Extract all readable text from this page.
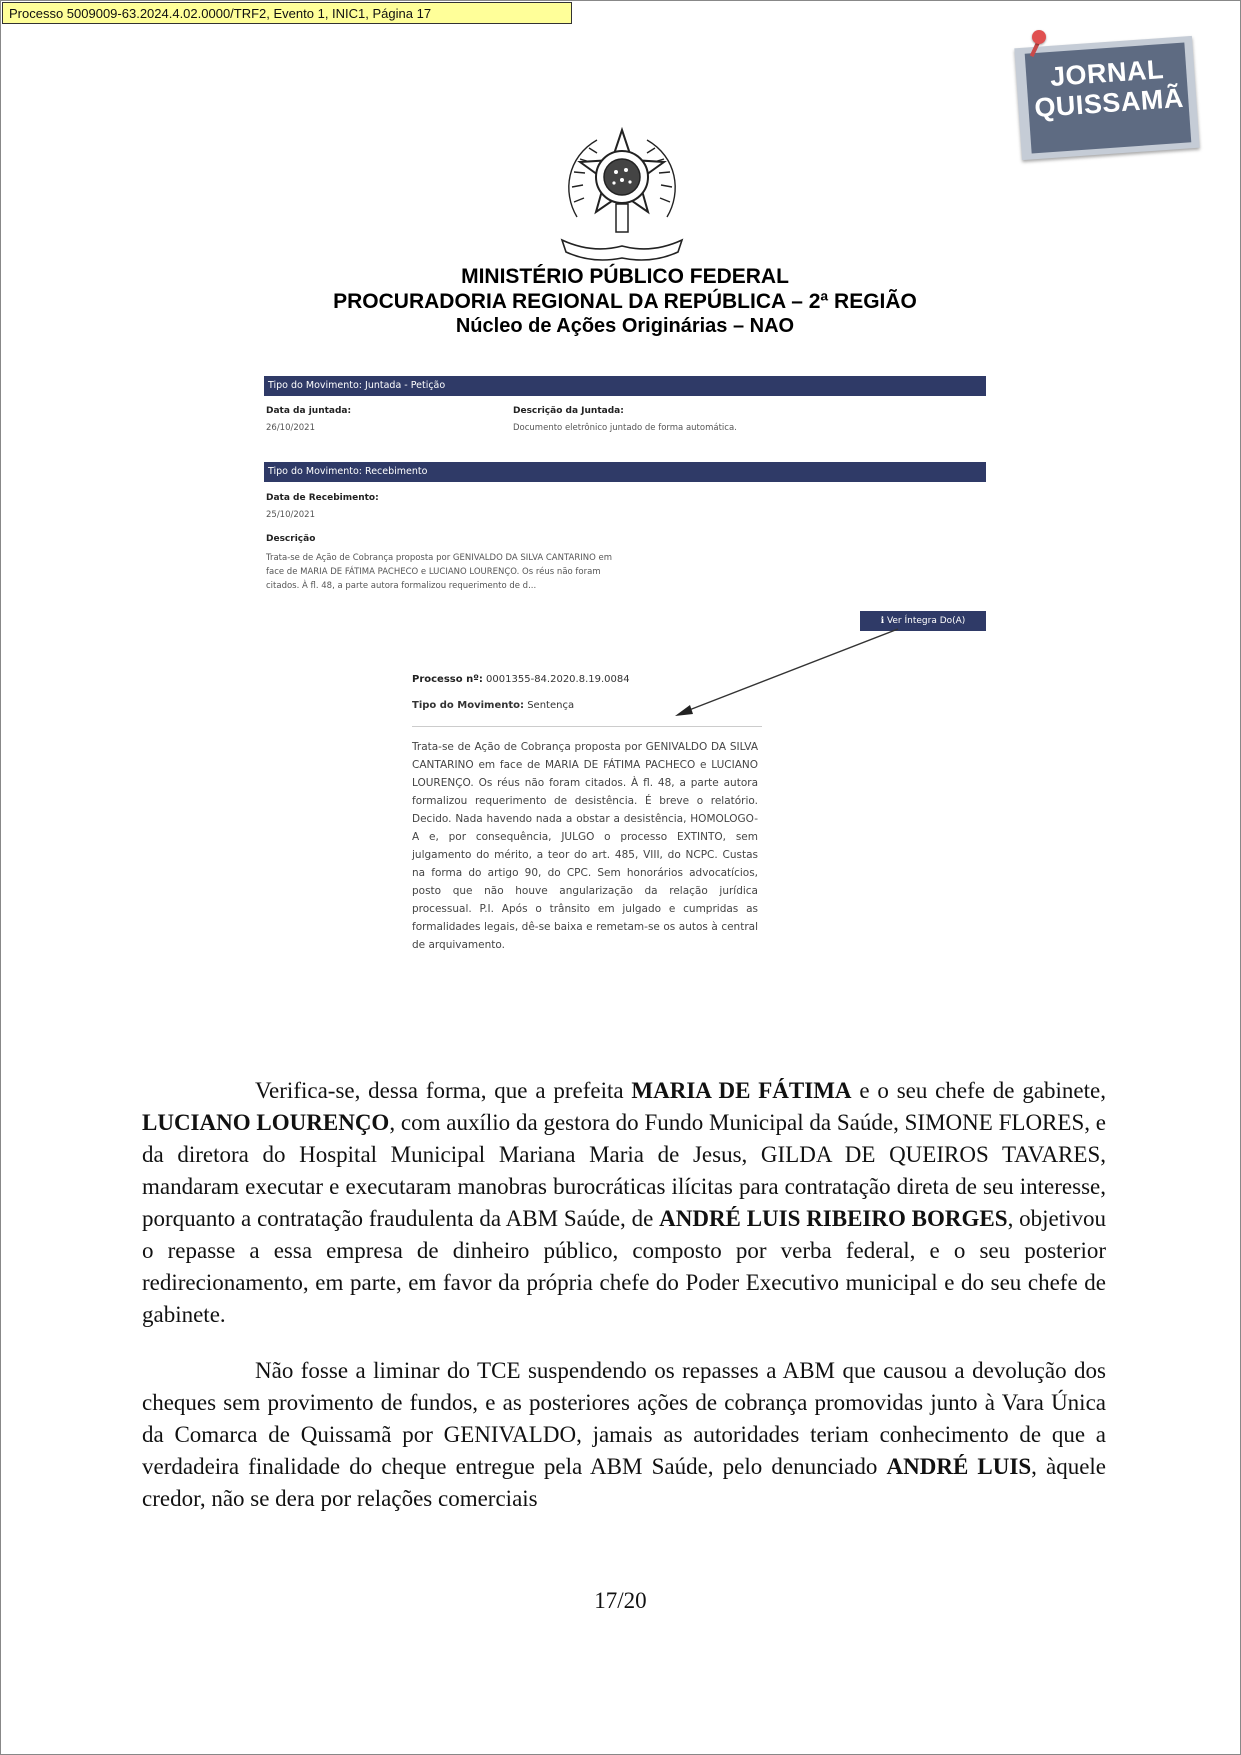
Processo 5009009-63.2024.4.02.0000/TRF2, Evento 1, INIC1, Página 17
JORNAL
QUISSAMÃ
MINISTÉRIO PÚBLICO FEDERAL
PROCURADORIA REGIONAL DA REPÚBLICA – 2ª REGIÃO
Núcleo de Ações Originárias – NAO
Tipo do Movimento: Juntada - Petição
Data da juntada:
26/10/2021
Descrição da Juntada:
Documento eletrônico juntado de forma automática.
Tipo do Movimento: Recebimento
Data de Recebimento:
25/10/2021
Descrição
Trata-se de Ação de Cobrança proposta por GENIVALDO DA SILVA CANTARINO em face de MARIA DE FÁTIMA PACHECO e LUCIANO LOURENÇO. Os réus não foram citados. À fl. 48, a parte autora formalizou requerimento de d...
ℹ Ver Íntegra Do(A) Sentença
Processo nº: 0001355-84.2020.8.19.0084
Tipo do Movimento: Sentença
Trata-se de Ação de Cobrança proposta por GENIVALDO DA SILVA CANTARINO em face de MARIA DE FÁTIMA PACHECO e LUCIANO LOURENÇO. Os réus não foram citados. À fl. 48, a parte autora formalizou requerimento de desistência. É breve o relatório. Decido. Nada havendo nada a obstar a desistência, HOMOLOGO-A e, por consequência, JULGO o processo EXTINTO, sem julgamento do mérito, a teor do art. 485, VIII, do NCPC. Custas na forma do artigo 90, do CPC. Sem honorários advocatícios, posto que não houve angularização da relação jurídica processual. P.I. Após o trânsito em julgado e cumpridas as formalidades legais, dê-se baixa e remetam-se os autos à central de arquivamento.

Verifica-se, dessa forma, que a prefeita MARIA DE FÁTIMA e o seu chefe de gabinete, LUCIANO LOURENÇO, com auxílio da gestora do Fundo Municipal da Saúde, SIMONE FLORES, e da diretora do Hospital Municipal Mariana Maria de Jesus, GILDA DE QUEIROS TAVARES, mandaram executar e executaram manobras burocráticas ilícitas para contratação direta de seu interesse, porquanto a contratação fraudulenta da ABM Saúde, de ANDRÉ LUIS RIBEIRO BORGES, objetivou o repasse a essa empresa de dinheiro público, composto por verba federal, e o seu posterior redirecionamento, em parte, em favor da própria chefe do Poder Executivo municipal e do seu chefe de gabinete.

Não fosse a liminar do TCE suspendendo os repasses a ABM que causou a devolução dos cheques sem provimento de fundos, e as posteriores ações de cobrança promovidas junto à Vara Única da Comarca de Quissamã por GENIVALDO, jamais as autoridades teriam conhecimento de que a verdadeira finalidade do cheque entregue pela ABM Saúde, pelo denunciado ANDRÉ LUIS, àquele credor, não se dera por relações comerciais

17/20
